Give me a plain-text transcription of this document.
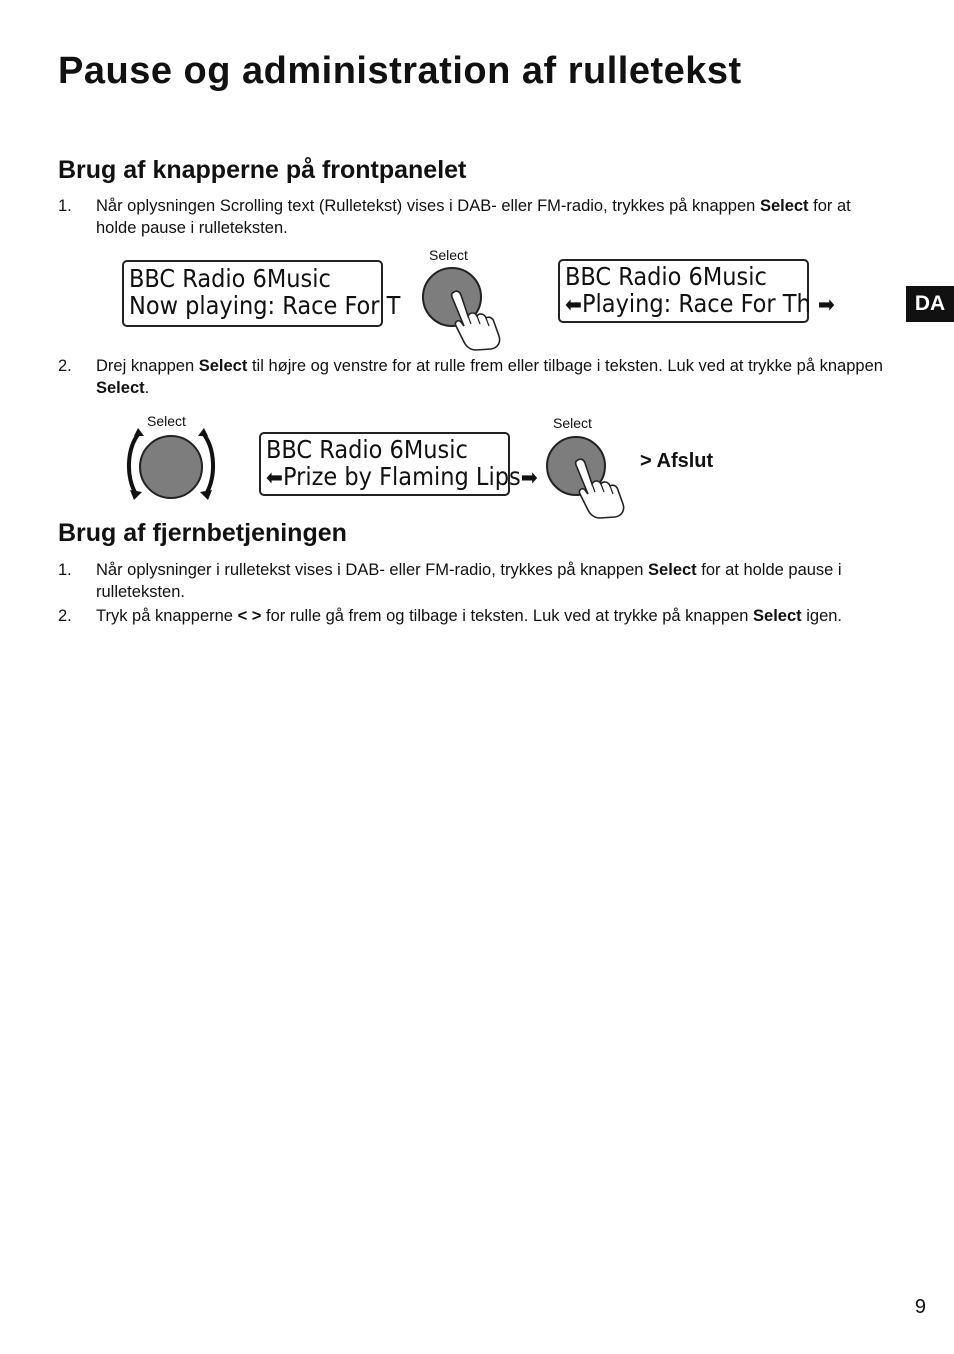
Pause og administration af rulletekst
DA
Brug af knapperne på frontpanelet
1. Når oplysningen Scrolling text (Rulletekst) vises i DAB- eller FM-radio, trykkes på knappen Select for at holde pause i rulleteksten.
BBC Radio 6Music
Now playing: Race For T
Select
BBC Radio 6Music
⬅Playing: Race For Th ➡
2. Drej knappen Select til højre og venstre for at rulle frem eller tilbage i teksten. Luk ved at trykke på knappen Select.
Select
BBC Radio 6Music
⬅Prize by Flaming Lips➡
Select
> Afslut
Brug af fjernbetjeningen
1. Når oplysninger i rulletekst vises i DAB- eller FM-radio, trykkes på knappen Select for at holde pause i rulleteksten.
2. Tryk på knapperne < > for rulle gå frem og tilbage i teksten. Luk ved at trykke på knappen Select igen.
9
